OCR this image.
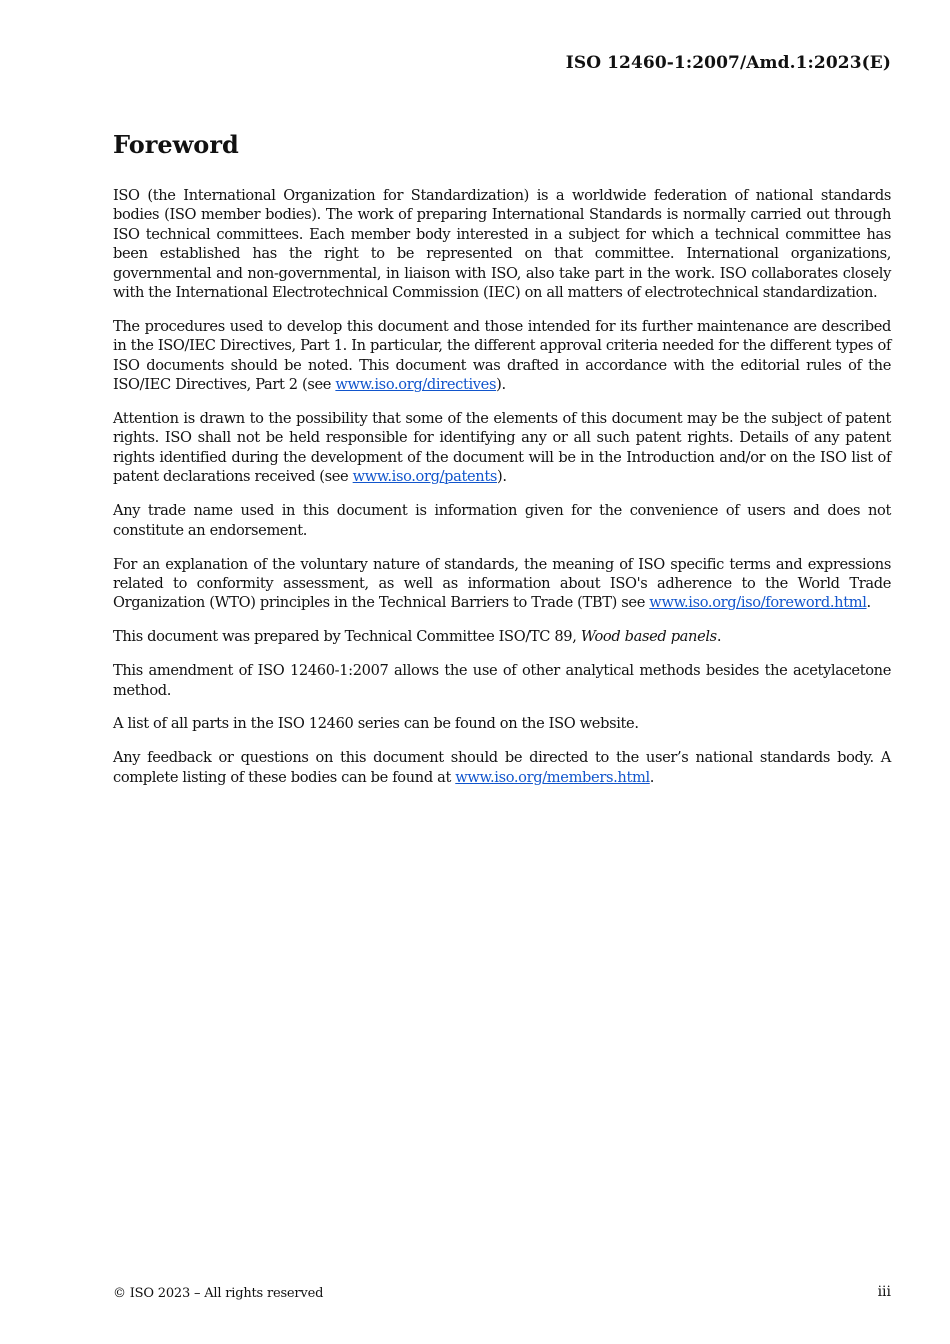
ISO 12460-1:2007/Amd.1:2023(E)
Foreword

ISO (the International Organization for Standardization) is a worldwide federation of national standards bodies (ISO member bodies). The work of preparing International Standards is normally carried out through ISO technical committees. Each member body interested in a subject for which a technical committee has been established has the right to be represented on that committee. International organizations, governmental and non-governmental, in liaison with ISO, also take part in the work. ISO collaborates closely with the International Electrotechnical Commission (IEC) on all matters of electrotechnical standardization.

The procedures used to develop this document and those intended for its further maintenance are described in the ISO/IEC Directives, Part 1. In particular, the different approval criteria needed for the different types of ISO documents should be noted. This document was drafted in accordance with the editorial rules of the ISO/IEC Directives, Part 2 (see www.iso.org/directives).

Attention is drawn to the possibility that some of the elements of this document may be the subject of patent rights. ISO shall not be held responsible for identifying any or all such patent rights. Details of any patent rights identified during the development of the document will be in the Introduction and/or on the ISO list of patent declarations received (see www.iso.org/patents).

Any trade name used in this document is information given for the convenience of users and does not constitute an endorsement.

For an explanation of the voluntary nature of standards, the meaning of ISO specific terms and expressions related to conformity assessment, as well as information about ISO's adherence to the World Trade Organization (WTO) principles in the Technical Barriers to Trade (TBT) see www.iso.org/iso/foreword.html.

This document was prepared by Technical Committee ISO/TC 89, Wood based panels.

This amendment of ISO 12460-1:2007 allows the use of other analytical methods besides the acetylacetone method.

A list of all parts in the ISO 12460 series can be found on the ISO website.

Any feedback or questions on this document should be directed to the user’s national standards body. A complete listing of these bodies can be found at www.iso.org/members.html.

© ISO 2023 – All rights reserved	iii
